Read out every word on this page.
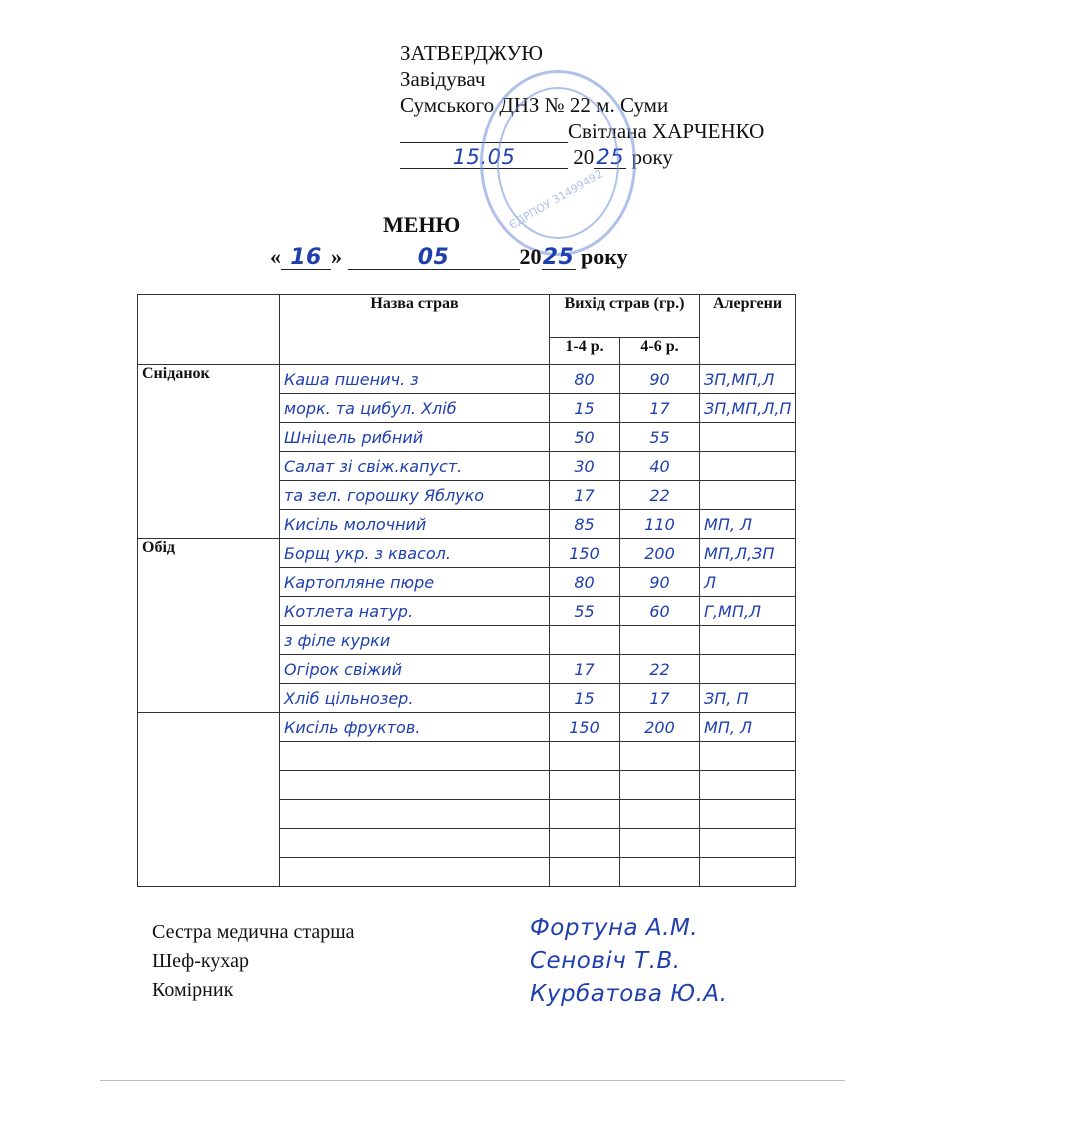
ЗАТВЕРДЖУЮ
Завідувач
Сумського ДНЗ № 22 м. Суми
Світлана ХАРЧЕНКО
15.05	20 25 року
ЄДРПОУ 31499492
МЕНЮ
« 16 »	05	2025 року
	Назва страв	Вихід страв (гр.)		Алергени
		1-4 р.	4-6 р.	
Сніданок	Каша пшенич. з	80	90	ЗП,МП,Л
	морк. та цибул. Хліб	15	17	ЗП,МП,Л,П
	Шніцель рибний	50	55	
	Салат зі свіж.капуст.	30	40	
	та зел. горошку Яблуко	17	22	
	Кисіль молочний	85	110	МП, Л
Обід	Борщ укр. з квасол.	150	200	МП,Л,ЗП
	Картопляне пюре	80	90	Л
	Котлета натур.	55	60	Г,МП,Л
	з філе курки			
	Огірок свіжий	17	22	
	Хліб цільнозер.	15	17	ЗП, П
	Кисіль фруктов.	150	200	МП, Л

Сестра медична старша
Шеф-кухар
Комірник
Фортуна А.М.
Сеновіч Т.В.
Курбатова Ю.А.
